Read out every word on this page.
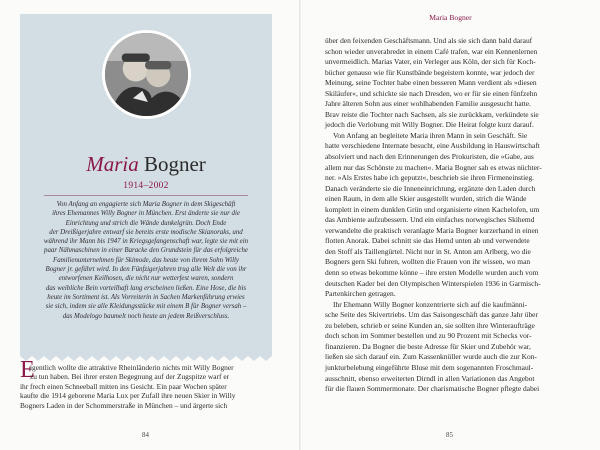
Maria Bogner
1914–2002
Von Anfang an engagierte sich Maria Bogner in dem Skigeschäft
ihres Ehemannes Willy Bogner in München. Erst änderte sie nur die
Einrichtung und strich die Wände dunkelgrün. Doch Ende
der Dreißigerjahre entwarf sie bereits erste modische Skianoraks, und
während ihr Mann bis 1947 in Kriegsgefangenschaft war, legte sie mit ein
paar Nähmaschinen in einer Baracke den Grundstein für das erfolgreiche
Familienunternehmen für Skimode, das heute von ihrem Sohn Willy
Bogner jr. geführt wird. In den Fünfzigerjahren trug alle Welt die von ihr
entworfenen Keilhosen, die nicht nur wetterfest waren, sondern
das weibliche Bein vorteilhaft lang erscheinen ließen. Eine Hose, die bis
heute im Sortiment ist. Als Vorreiterin in Sachen Markenführung erwies
sie sich, indem sie alle Kleidungsstücke mit einem B für Bogner versah –
das Modelogo baumelt noch heute an jedem Reißverschluss.
E
igentlich wollte die attraktive Rheinländerin nichts mit Willy Bogner
zu tun haben. Bei ihrer ersten Begegnung auf der Zugspitze warf er
ihr frech einen Schneeball mitten ins Gesicht. Ein paar Wochen später
kaufte die 1914 geborene Maria Lux per Zufall ihre neuen Skier in Willy
Bogners Laden in der Schommerstraße in München – und ärgerte sich
84
Maria Bogner
über den feixenden Geschäftsmann. Und als sie sich dann bald darauf
schon wieder unverabredet in einem Café trafen, war ein Kennenlernen
unvermeidlich. Marias Vater, ein Verleger aus Köln, der sich für Koch-
bücher genauso wie für Kunstbände begeistern konnte, war jedoch der
Meinung, seine Tochter habe einen besseren Mann verdient als »diesen
Skiläufer«, und schickte sie nach Dresden, wo er für sie einen fünfzehn
Jahre älteren Sohn aus einer wohlhabenden Familie ausgesucht hatte.
Brav reiste die Tochter nach Sachsen, als sie zurückkam, verkündete sie
jedoch die Verlobung mit Willy Bogner. Die Heirat folgte kurz darauf.
Von Anfang an begleitete Maria ihren Mann in sein Geschäft. Sie
hatte verschiedene Internate besucht, eine Ausbildung in Hauswirtschaft
absolviert und nach den Erinnerungen des Prokuristen, die »Gabe, aus
allem nur das Schönste zu machen«. Maria Bogner sah es etwas nüchter-
ner. »Als Erstes habe ich geputzt«, beschrieb sie ihren Firmeneinstieg.
Danach veränderte sie die Inneneinrichtung, ergänzte den Laden durch
einen Raum, in dem alle Skier ausgestellt wurden, strich die Wände
komplett in einem dunklen Grün und organisierte einen Kachelofen, um
das Ambiente aufzubessern. Und ein einfaches norwegisches Skihemd
verwandelte die praktisch veranlagte Maria Bogner kurzerhand in einen
flotten Anorak. Dabei schnitt sie das Hemd unten ab und verwendete
den Stoff als Taillengürtel. Nicht nur in St. Anton am Arlberg, wo die
Bogners gern Ski fuhren, wollten die Frauen von ihr wissen, wo man
denn so etwas bekomme könne – ihre ersten Modelle wurden auch vom
deutschen Kader bei den Olympischen Winterspielen 1936 in Garmisch-
Partenkirchen getragen.
Ihr Ehemann Willy Bogner konzentrierte sich auf die kaufmänni-
sche Seite des Skivertriebs. Um das Saisongeschäft das ganze Jahr über
zu beleben, schrieb er seine Kunden an, sie sollten ihre Winteraufträge
doch schon im Sommer bestellen und zu 90 Prozent mit Schecks vor-
finanzieren. Da Bogner die beste Adresse für Skier und Zubehör war,
ließen sie sich darauf ein. Zum Kassenknüller wurde auch die zur Kon-
junkturbelebung eingeführte Bluse mit dem sogenannten Froschmaul-
ausschnitt, ebenso erweiterten Dirndl in allen Variationen das Angebot
für die flauen Sommermonate. Der charismatische Bogner pflegte dabei
85
